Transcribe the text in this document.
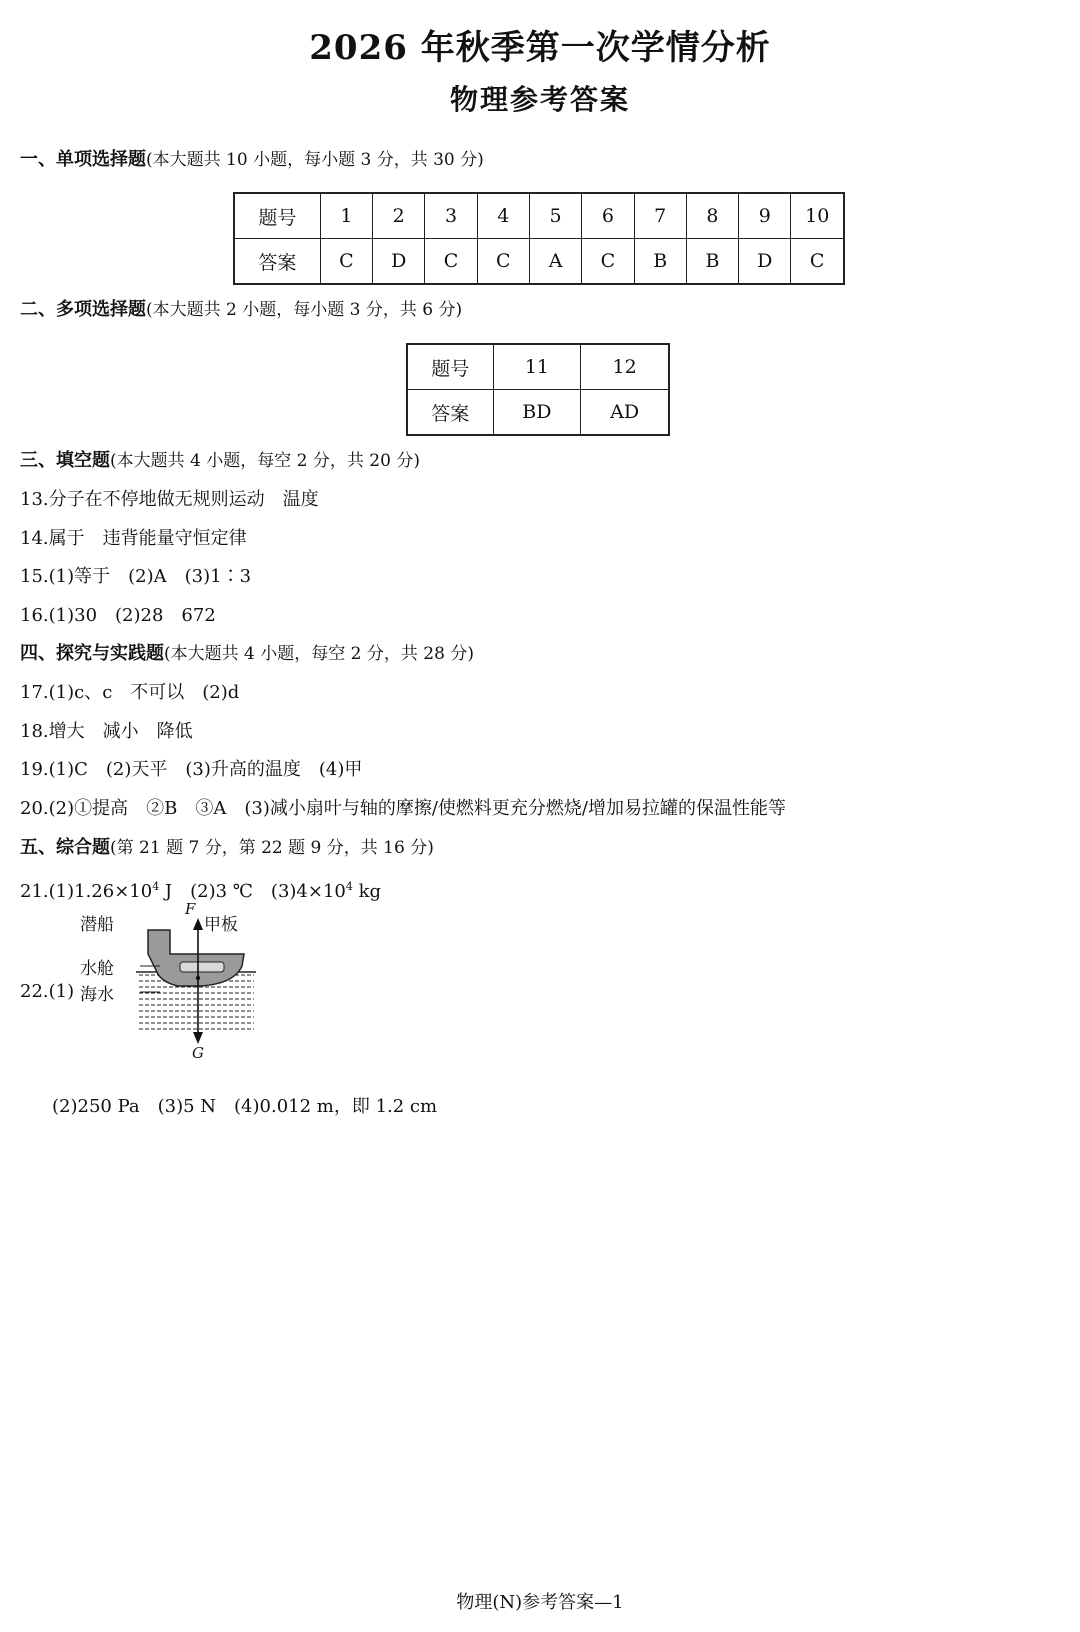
2026 年秋季第一次学情分析
物理参考答案
一、单项选择题(本大题共 10 小题，每小题 3 分，共 30 分)
题号	1	2	3	4	5	6	7	8	9	10
答案	C	D	C	C	A	C	B	B	D	C
二、多项选择题(本大题共 2 小题，每小题 3 分，共 6 分)
题号	11	12
答案	BD	AD
三、填空题(本大题共 4 小题，每空 2 分，共 20 分)
13.分子在不停地做无规则运动　温度
14.属于　违背能量守恒定律
15.(1)等于　(2)A　(3)1∶3
16.(1)30　(2)28　672
四、探究与实践题(本大题共 4 小题，每空 2 分，共 28 分)
17.(1)c、c　不可以　(2)d
18.增大　减小　降低
19.(1)C　(2)天平　(3)升高的温度　(4)甲
20.(2)①提高　②B　③A　(3)减小扇叶与轴的摩擦/使燃料更充分燃烧/增加易拉罐的保温性能等
五、综合题(第 21 题 7 分，第 22 题 9 分，共 16 分)
$21.(1)1.26\times 10^4$ J　(2)3 ℃　$(3)4\times 10^4$ kg
22.(1)
F
甲板
潜船
水舱
海水
G
(2)250 Pa　(3)5 N　(4)0.012 m，即 1.2 cm
物理(N)参考答案—1
